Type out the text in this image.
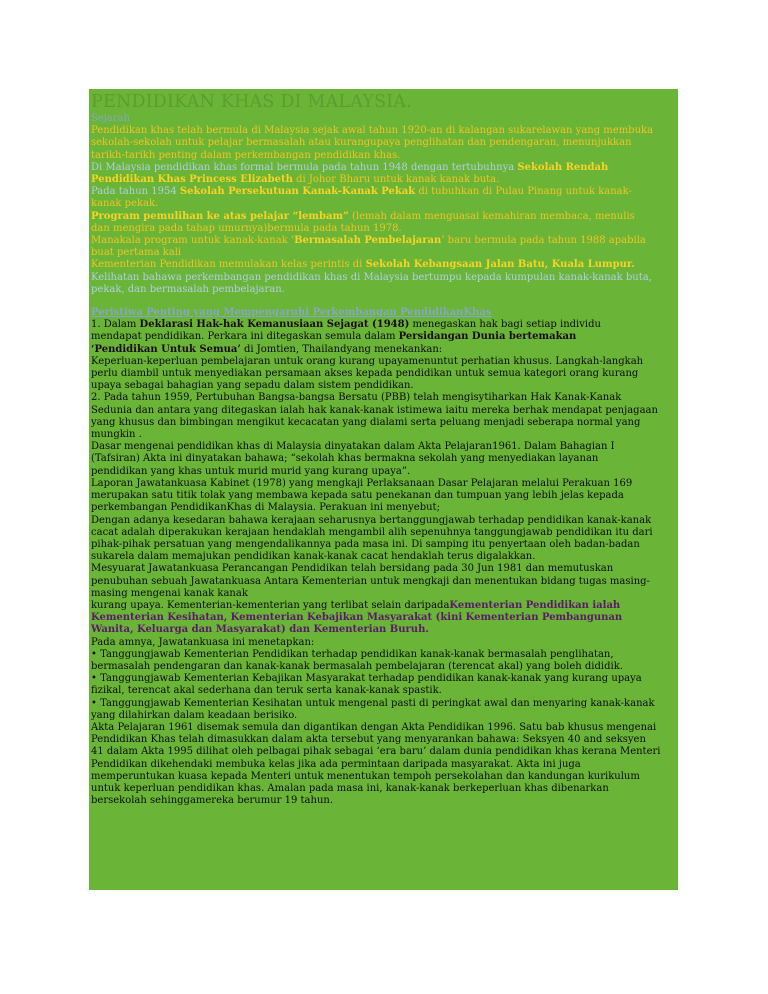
PENDIDIKAN KHAS DI MALAYSIA.

Sejarah

Pendidikan khas telah bermula di Malaysia sejak awal tahun 1920-an di kalangan sukarelawan yang membuka

sekolah-sekolah untuk pelajar bermasalah atau kurangupaya penglihatan dan pendengaran, menunjukkan

tarikh-tarikh penting dalam perkembangan pendidikan khas.

Di Malaysia pendidikan khas formal bermula pada tahun 1948 dengan tertubuhnya Sekolah Rendah

Pendidikan Khas Princess Elizabeth di Johor Bharu untuk kanak kanak buta.

Pada tahun 1954 Sekolah Persekutuan Kanak-Kanak Pekak di tubuhkan di Pulau Pinang untuk kanak-

kanak pekak.

Program pemulihan ke atas pelajar “lembam” (lemah dalam menguasai kemahiran membaca, menulis

dan mengira pada tahap umurnya)bermula pada tahun 1978.

Manakala program untuk kanak-kanak ‘Bermasalah Pembelajaran’ baru bermula pada tahun 1988 apabila

buat pertama kali

Kementerian Pendidikan memulakan kelas perintis di Sekolah Kebangsaan Jalan Batu, Kuala Lumpur.

Kelihatan bahawa perkembangan pendidikan khas di Malaysia bertumpu kepada kumpulan kanak-kanak buta,

pekak, dan bermasalah pembelajaran.

Peristiwa Penting yang Mempengaruhi Perkembangan PendidikanKhas

1. Dalam Deklarasi Hak-hak Kemanusiaan Sejagat (1948) menegaskan hak bagi setiap individu

mendapat pendidikan. Perkara ini ditegaskan semula dalam Persidangan Dunia bertemakan

‘Pendidikan Untuk Semua’ di Jomtien, Thailandyang menekankan:

Keperluan-keperluan pembelajaran untuk orang kurang upayamenuntut perhatian khusus. Langkah-langkah

perlu diambil untuk menyediakan persamaan akses kepada pendidikan untuk semua kategori orang kurang

upaya sebagai bahagian yang sepadu dalam sistem pendidikan.

2. Pada tahun 1959, Pertubuhan Bangsa-bangsa Bersatu (PBB) telah mengisytiharkan Hak Kanak-Kanak

Sedunia dan antara yang ditegaskan ialah hak kanak-kanak istimewa iaitu mereka berhak mendapat penjagaan

yang khusus dan bimbingan mengikut kecacatan yang dialami serta peluang menjadi seberapa normal yang

mungkin .

Dasar mengenai pendidikan khas di Malaysia dinyatakan dalam Akta Pelajaran1961. Dalam Bahagian I

(Tafsiran) Akta ini dinyatakan bahawa; “sekolah khas bermakna sekolah yang menyediakan layanan

pendidikan yang khas untuk murid murid yang kurang upaya”.

Laporan Jawatankuasa Kabinet (1978) yang mengkaji Perlaksanaan Dasar Pelajaran melalui Perakuan 169

merupakan satu titik tolak yang membawa kepada satu penekanan dan tumpuan yang lebih jelas kepada

perkembangan PendidikanKhas di Malaysia. Perakuan ini menyebut;

Dengan adanya kesedaran bahawa kerajaan seharusnya bertanggungjawab terhadap pendidikan kanak-kanak

cacat adalah diperakukan kerajaan hendaklah mengambil alih sepenuhnya tanggungjawab pendidikan itu dari

pihak-pihak persatuan yang mengendalikannya pada masa ini. Di samping itu penyertaan oleh badan-badan

sukarela dalam memajukan pendidikan kanak-kanak cacat hendaklah terus digalakkan.

Mesyuarat Jawatankuasa Perancangan Pendidikan telah bersidang pada 30 Jun 1981 dan memutuskan

penubuhan sebuah Jawatankuasa Antara Kementerian untuk mengkaji dan menentukan bidang tugas masing-

masing mengenai kanak kanak

kurang upaya. Kementerian-kementerian yang terlibat selain daripadaKementerian Pendidikan ialah

Kementerian Kesihatan, Kementerian Kebajikan Masyarakat (kini Kementerian Pembangunan

Wanita, Keluarga dan Masyarakat) dan Kementerian Buruh.

Pada amnya, Jawatankuasa ini menetapkan:

• Tanggungjawab Kementerian Pendidikan terhadap pendidikan kanak-kanak bermasalah penglihatan,

bermasalah pendengaran dan kanak-kanak bermasalah pembelajaran (terencat akal) yang boleh dididik.

• Tanggungjawab Kementerian Kebajikan Masyarakat terhadap pendidikan kanak-kanak yang kurang upaya

fizikal, terencat akal sederhana dan teruk serta kanak-kanak spastik.

• Tanggungjawab Kementerian Kesihatan untuk mengenal pasti di peringkat awal dan menyaring kanak-kanak

yang dilahirkan dalam keadaan berisiko.

Akta Pelajaran 1961 disemak semula dan digantikan dengan Akta Pendidikan 1996. Satu bab khusus mengenai

Pendidikan Khas telah dimasukkan dalam akta tersebut yang menyarankan bahawa: Seksyen 40 and seksyen

41 dalam Akta 1995 dilihat oleh pelbagai pihak sebagai ‘era baru’ dalam dunia pendidikan khas kerana Menteri

Pendidikan dikehendaki membuka kelas jika ada permintaan daripada masyarakat. Akta ini juga

memperuntukan kuasa kepada Menteri untuk menentukan tempoh persekolahan dan kandungan kurikulum

untuk keperluan pendidikan khas. Amalan pada masa ini, kanak-kanak berkeperluan khas dibenarkan

bersekolah sehinggamereka berumur 19 tahun.
